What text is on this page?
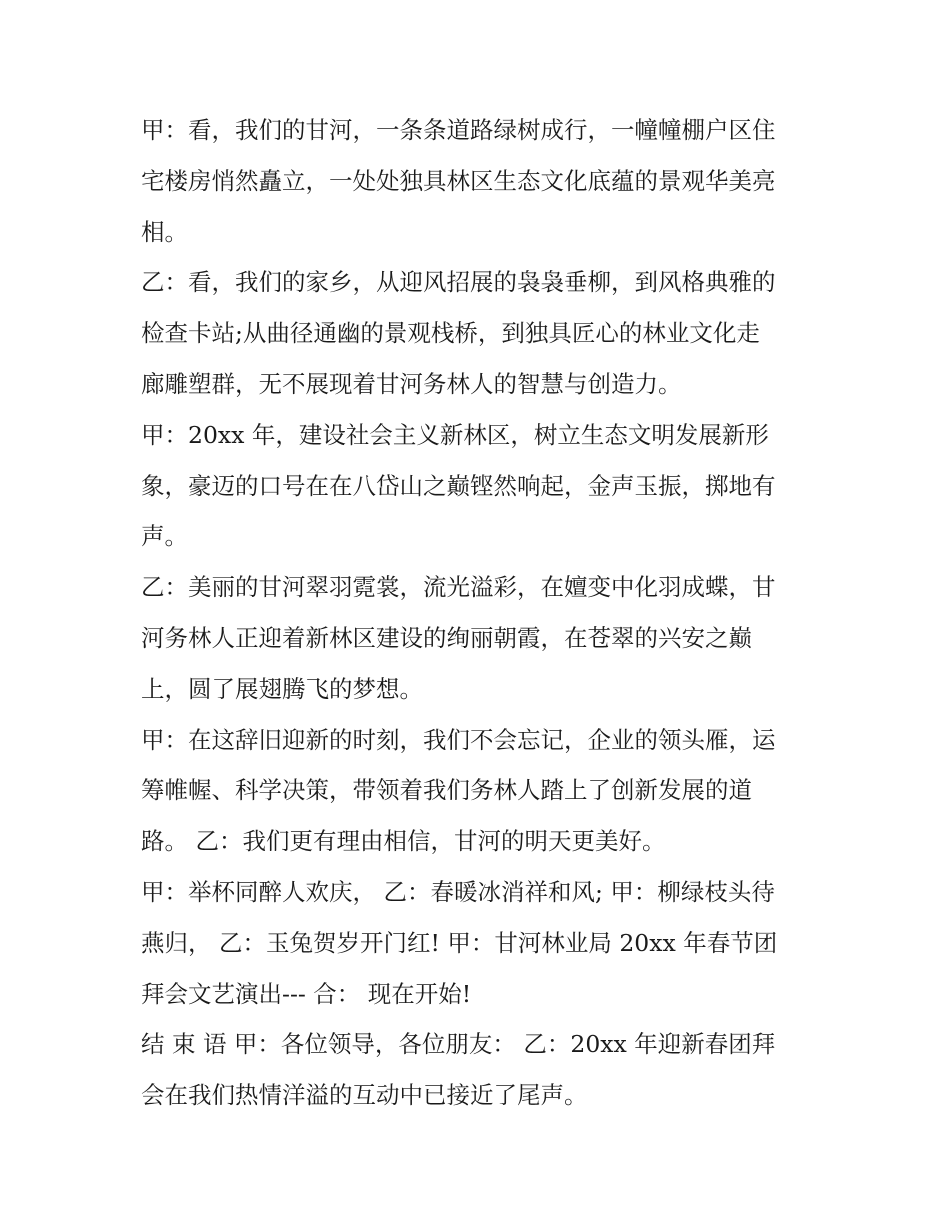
甲：看，我们的甘河，一条条道路绿树成行，一幢幢棚户区住
宅楼房悄然矗立，一处处独具林区生态文化底蕴的景观华美亮
相。

乙：看，我们的家乡，从迎风招展的袅袅垂柳，到风格典雅的
检查卡站;从曲径通幽的景观栈桥，到独具匠心的林业文化走
廊雕塑群，无不展现着甘河务林人的智慧与创造力。

甲：20xx 年，建设社会主义新林区，树立生态文明发展新形
象，豪迈的口号在在八岱山之巅铿然响起，金声玉振，掷地有
声。

乙：美丽的甘河翠羽霓裳，流光溢彩，在嬗变中化羽成蝶，甘
河务林人正迎着新林区建设的绚丽朝霞，在苍翠的兴安之巅
上，圆了展翅腾飞的梦想。

甲：在这辞旧迎新的时刻，我们不会忘记，企业的领头雁，运
筹帷幄、科学决策，带领着我们务林人踏上了创新发展的道
路。 乙：我们更有理由相信，甘河的明天更美好。

甲：举杯同醉人欢庆， 乙：春暖冰消祥和风; 甲：柳绿枝头待
燕归， 乙：玉兔贺岁开门红! 甲：甘河林业局 20xx 年春节团
拜会文艺演出--- 合： 现在开始!

结 束 语 甲：各位领导，各位朋友： 乙：20xx 年迎新春团拜
会在我们热情洋溢的互动中已接近了尾声。
